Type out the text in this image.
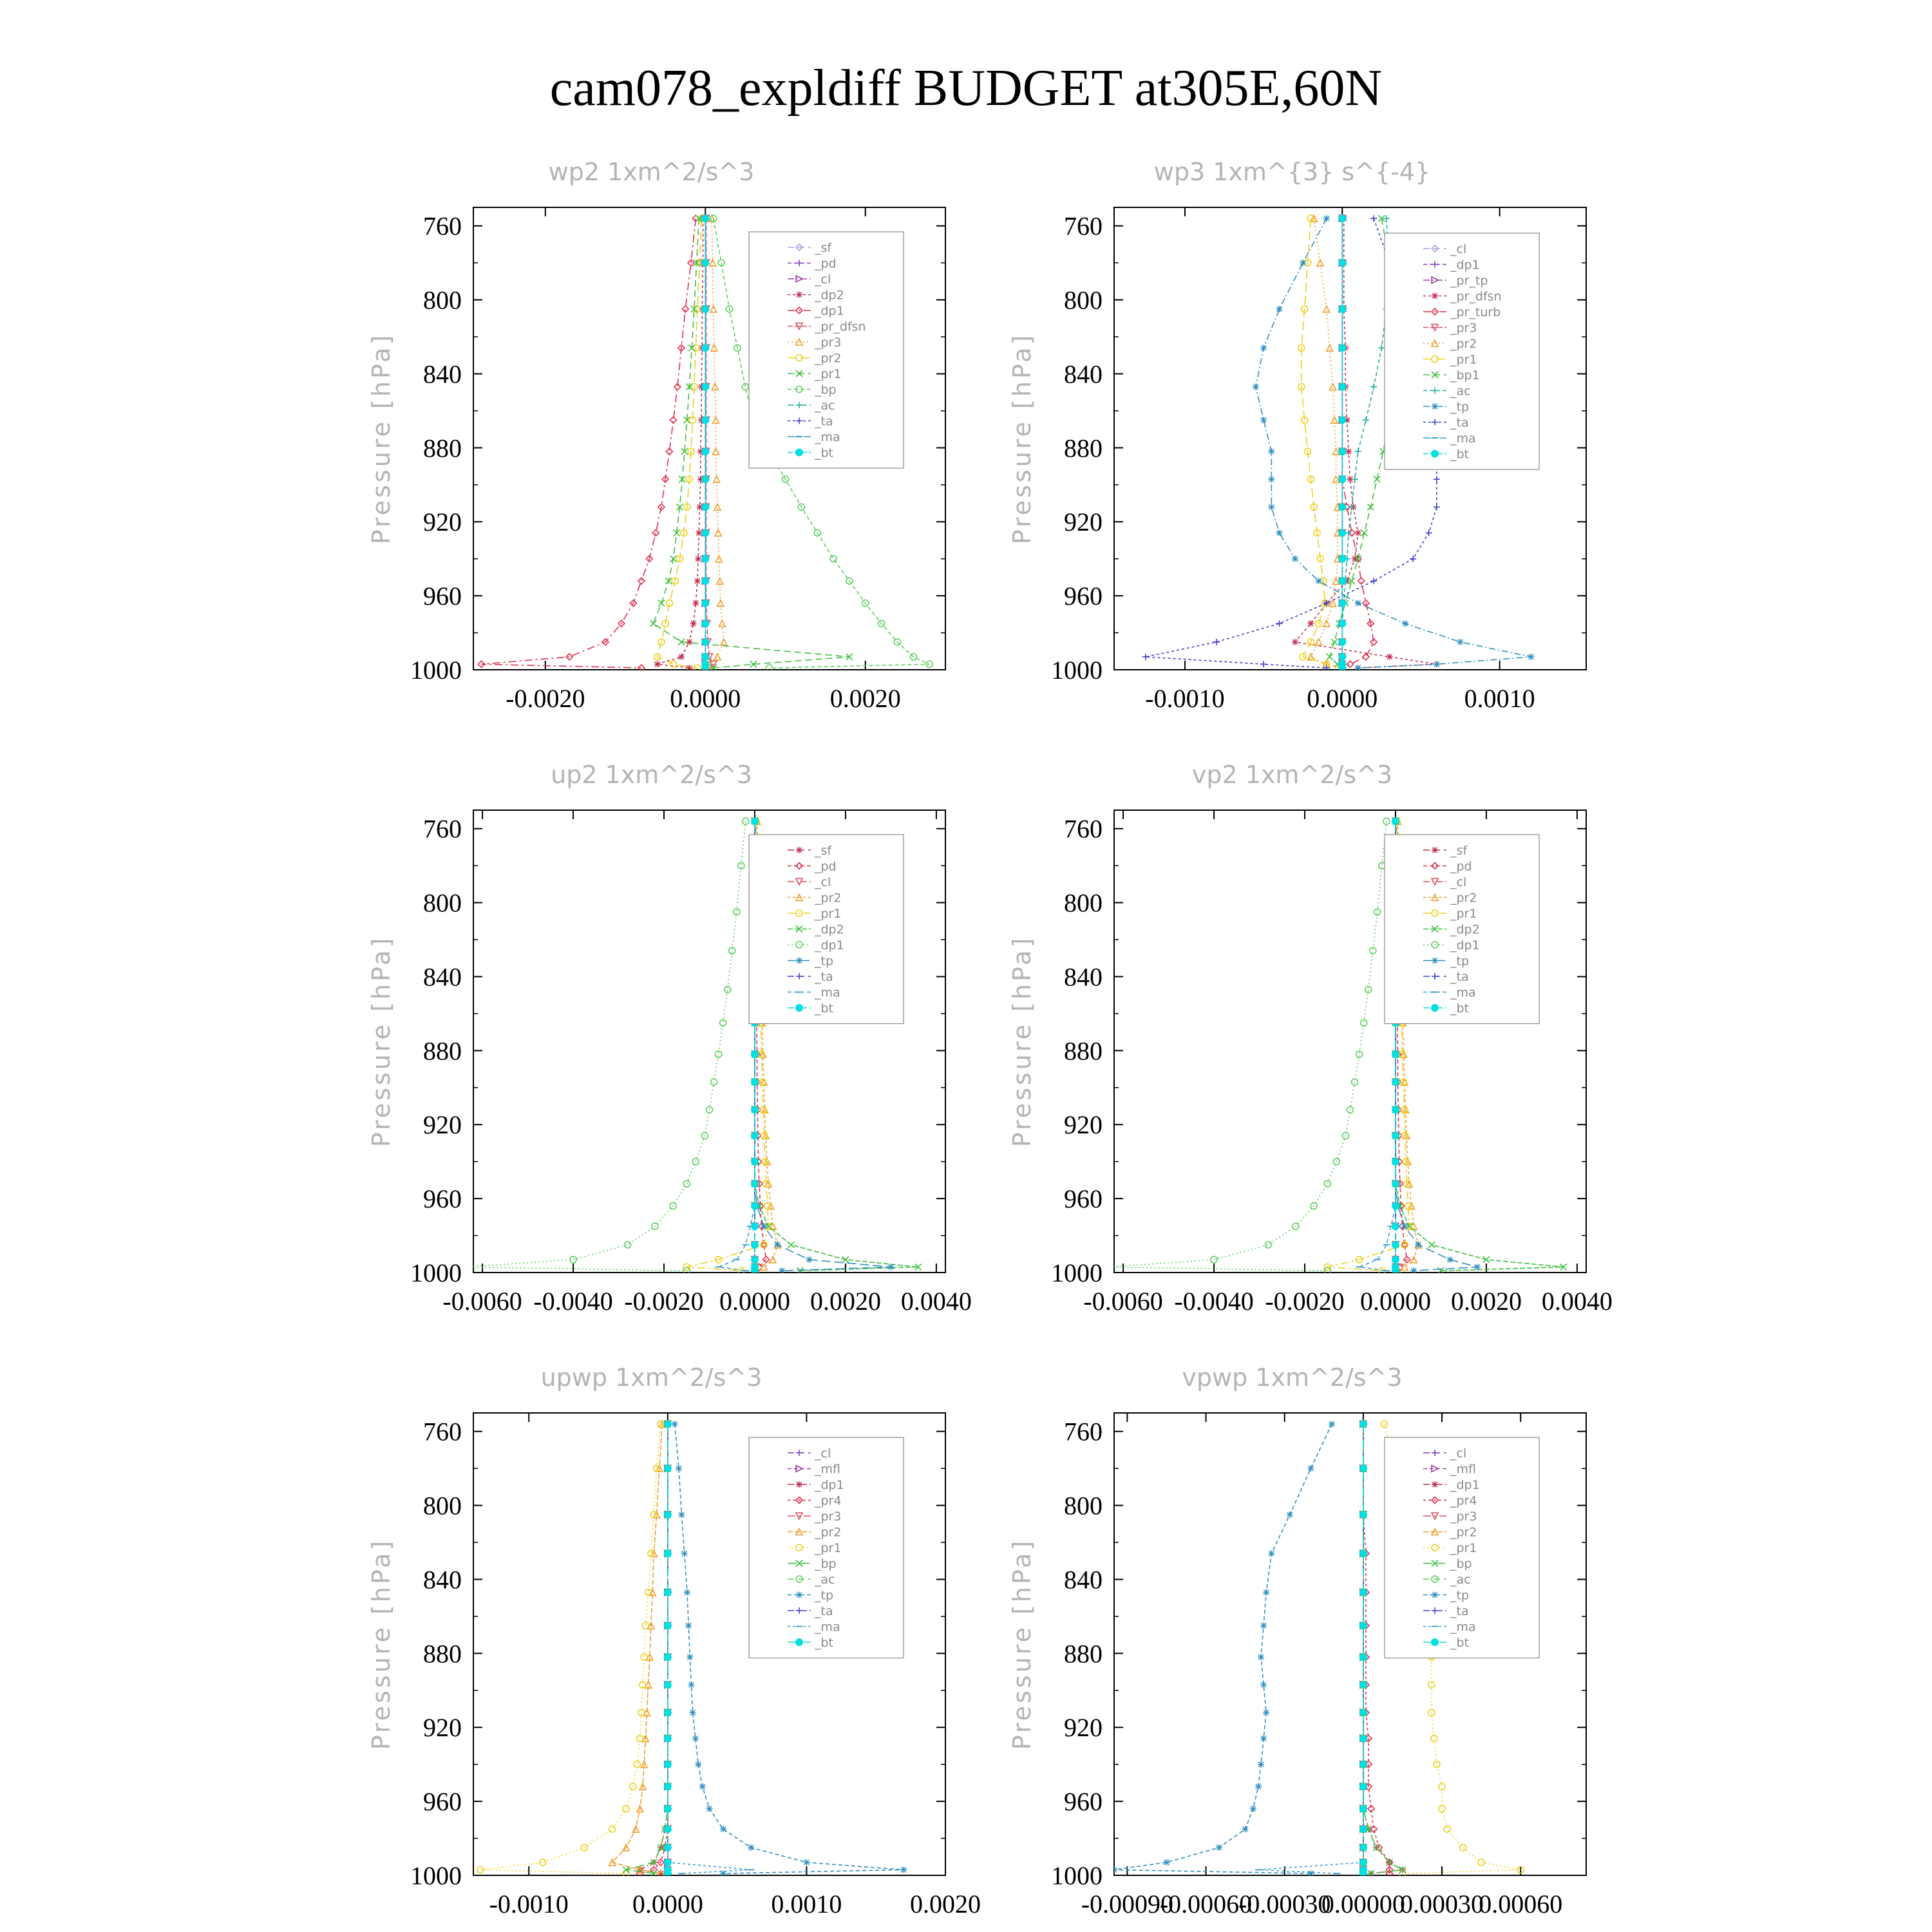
cam078_expldiff BUDGET at305E,60N
wp2 1xm^2/s^3
Pressure [hPa]
760
800
840
880
920
960
1000
-0.0020	0.0000	0.0020
_sf
_pd
_cl
_dp2
_dp1
_pr_dfsn
_pr3
_pr2
_pr1
_bp
_ac
_ta
_ma
_bt
wp3 1xm^{3} s^{-4}
Pressure [hPa]
760
800
840
880
920
960
1000
-0.0010	0.0000	0.0010
_cl
_dp1
_pr_tp
_pr_dfsn
_pr_turb
_pr3
_pr2
_pr1
_bp1
_ac
_tp
_ta
_ma
_bt
up2 1xm^2/s^3
Pressure [hPa]
760
800
840
880
920
960
1000
-0.0060 -0.0040 -0.0020 0.0000 0.0020 0.0040
_sf
_pd
_cl
_pr2
_pr1
_dp2
_dp1
_tp
_ta
_ma
_bt
vp2 1xm^2/s^3
Pressure [hPa]
760
800
840
880
920
960
1000
-0.0060 -0.0040 -0.0020 0.0000 0.0020 0.0040
_sf
_pd
_cl
_pr2
_pr1
_dp2
_dp1
_tp
_ta
_ma
_bt
upwp 1xm^2/s^3
Pressure [hPa]
760
800
840
880
920
960
1000
-0.0010 0.0000	0.0010	0.0020
_cl
_mfl
_dp1
_pr4
_pr3
_pr2
_pr1
_bp
_ac
_tp
_ta
_ma
_bt
vpwp 1xm^2/s^3
Pressure [hPa]
760
800
840
880
920
960
1000
-0.00090
-0.00060
-0.00030
0.00000
0.00030
0.00060
_cl
_mfl
_dp1
_pr4
_pr3
_pr2
_pr1
_bp
_ac
_tp
_ta
_ma
_bt
